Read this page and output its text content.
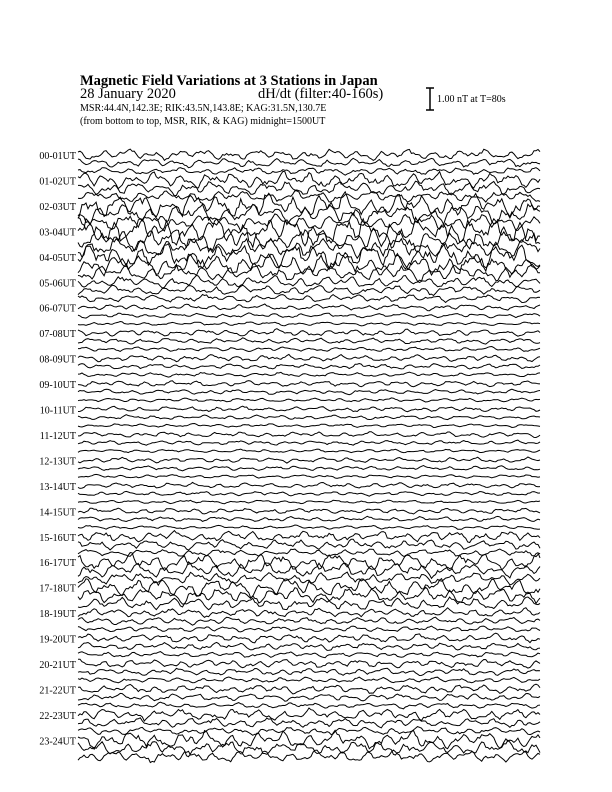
Magnetic Field Variations at 3 Stations in Japan
28 January 2020	dH/dt (filter:40-160s)
MSR:44.4N,142.3E; RIK:43.5N,143.8E; KAG:31.5N,130.7E
(from bottom to top, MSR, RIK, & KAG) midnight=1500UT
1.00 nT at T=80s
00-01UT
01-02UT
02-03UT
03-04UT
04-05UT
05-06UT
06-07UT
07-08UT
08-09UT
09-10UT
10-11UT
11-12UT
12-13UT
13-14UT
14-15UT
15-16UT
16-17UT
17-18UT
18-19UT
19-20UT
20-21UT
21-22UT
22-23UT
23-24UT
